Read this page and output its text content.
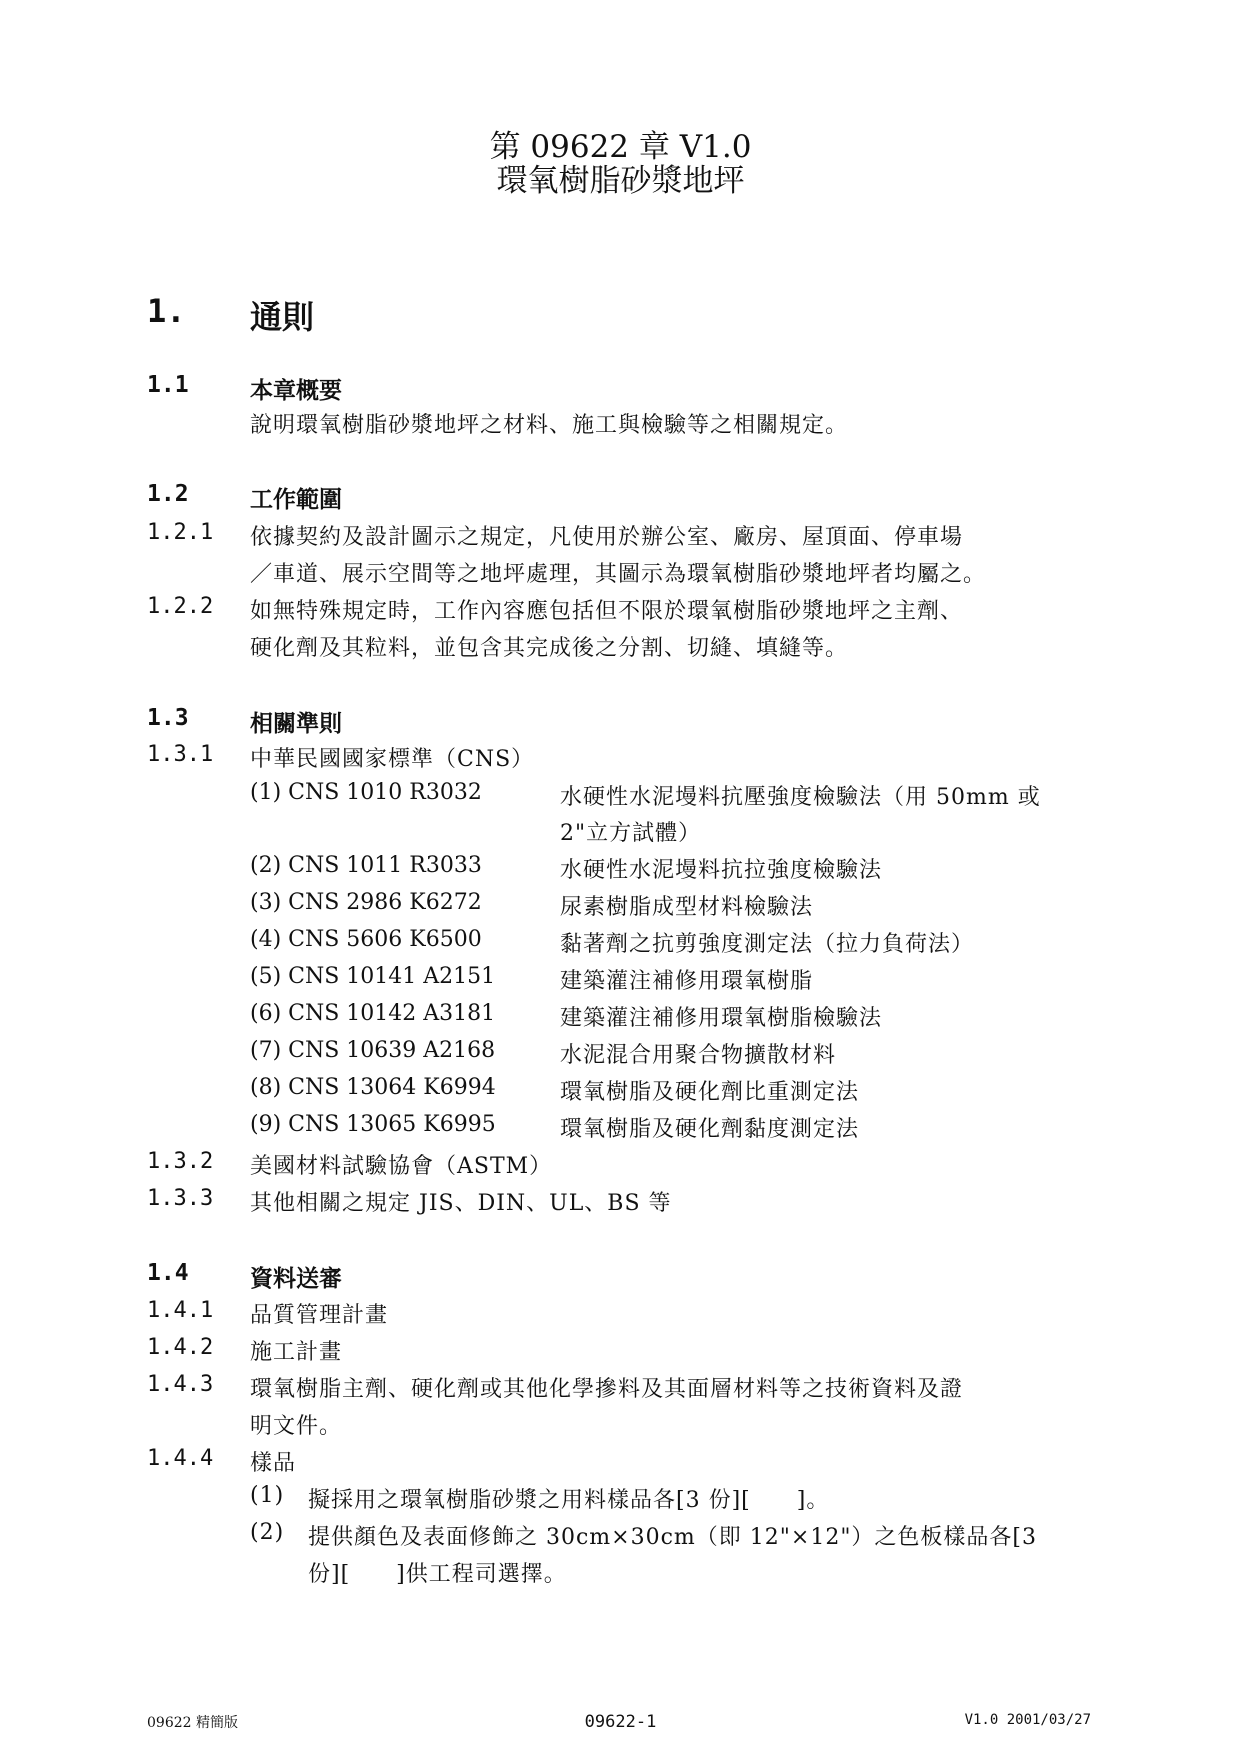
第 09622 章 V1.0
環氧樹脂砂漿地坪
1. 通則
1.1	本章概要
說明環氧樹脂砂漿地坪之材料、施工與檢驗等之相關規定。
1.2	工作範圍
1.2.1 依據契約及設計圖示之規定，凡使用於辦公室、廠房、屋頂面、停車場
／車道、展示空間等之地坪處理，其圖示為環氧樹脂砂漿地坪者均屬之。
1.2.2 如無特殊規定時，工作內容應包括但不限於環氧樹脂砂漿地坪之主劑、
硬化劑及其粒料，並包含其完成後之分割、切縫、填縫等。
1.3	相關準則
1.3.1 中華民國國家標準（CNS）
(1) CNS 1010 R3032	水硬性水泥墁料抗壓強度檢驗法（用 50mm 或
2"立方試體）
(2) CNS 1011 R3033	水硬性水泥墁料抗拉強度檢驗法
(3) CNS 2986 K6272	尿素樹脂成型材料檢驗法
(4) CNS 5606 K6500	黏著劑之抗剪強度測定法（拉力負荷法）
(5) CNS 10141 A2151	建築灌注補修用環氧樹脂
(6) CNS 10142 A3181	建築灌注補修用環氧樹脂檢驗法
(7) CNS 10639 A2168	水泥混合用聚合物擴散材料
(8) CNS 13064 K6994	環氧樹脂及硬化劑比重測定法
(9) CNS 13065 K6995	環氧樹脂及硬化劑黏度測定法
1.3.2 美國材料試驗協會（ASTM）
1.3.3 其他相關之規定 JIS、DIN、UL、BS 等
1.4	資料送審
1.4.1 品質管理計畫
1.4.2 施工計畫
1.4.3 環氧樹脂主劑、硬化劑或其他化學摻料及其面層材料等之技術資料及證
明文件。
1.4.4 樣品
(1) 擬採用之環氧樹脂砂漿之用料樣品各[3 份][　　]。
(2) 提供顏色及表面修飾之 30cm×30cm（即 12"×12"）之色板樣品各[3
份][　　]供工程司選擇。
09622 精簡版	09622-1	V1.0 2001/03/27
